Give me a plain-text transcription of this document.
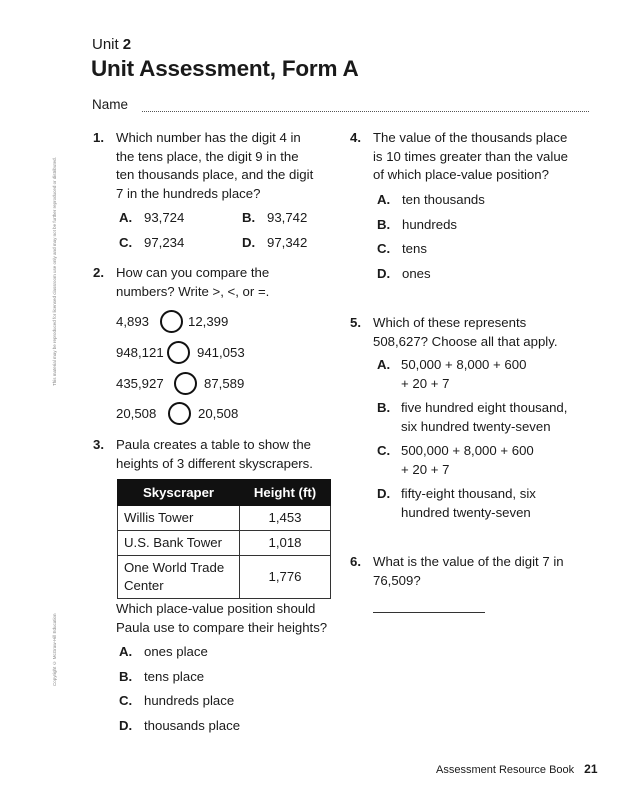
This material may be reproduced for licensed classroom use only and may not be further reproduced or distributed.
Copyright © McGraw-Hill Education
Unit 2
Unit Assessment, Form A
Name
1. Which number has the digit 4 in
the tens place, the digit 9 in the
ten thousands place, and the digit
7 in the hundreds place?
A. 93,724	B. 93,742
C. 97,234	D. 97,342
2. How can you compare the
numbers? Write >, <, or =.
4,893	12,399
948,121	941,053
435,927	87,589
20,508	20,508
3. Paula creates a table to show the
heights of 3 different skyscrapers.
Skyscraper	Height (ft)
Willis Tower	1,453
U.S. Bank Tower	1,018

One World Trade
Center	1,776
Which place-value position should
Paula use to compare their heights?
A. ones place
B. tens place
C. hundreds place
D. thousands place
4. The value of the thousands place
is 10 times greater than the value
of which place-value position?
A. ten thousands
B. hundreds
C. tens
D. ones
5. Which of these represents
508,627? Choose all that apply.
A. 50,000 + 8,000 + 600
+ 20 + 7
B. five hundred eight thousand,
six hundred twenty-seven
C. 500,000 + 8,000 + 600
+ 20 + 7
D. fifty-eight thousand, six
hundred twenty-seven
6. What is the value of the digit 7 in
76,509?
Assessment Resource Book 21
